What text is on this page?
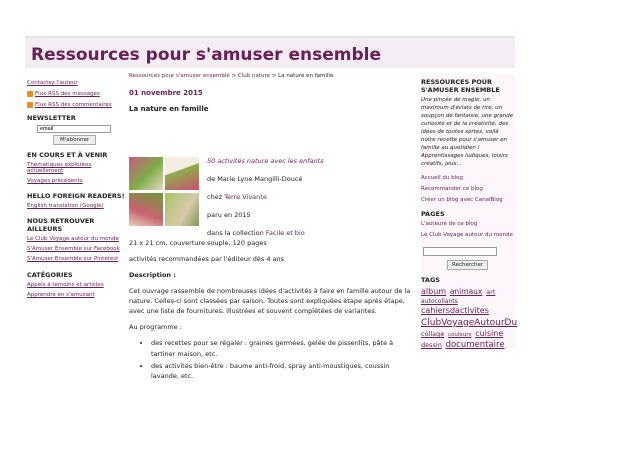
Ressources pour s'amuser ensemble
Contactez l'auteur
Flux RSS des messages
Flux RSS des commentaires
NEWSLETTER
email M'abonner
EN COURS ET À VENIR
Thématiques explorées actuellement
Voyages précédents
HELLO FOREIGN READERS!
English translation (Google)
NOUS RETROUVER AILLEURS
Le Club Voyage autour du monde
S'Amuser Ensemble sur Facebook
S'Amuser Ensemble sur Pinterest
CATÉGORIES
Appels à témoins et articles
Apprendre en s'amusant
Ressources pour s'amuser ensemble > Club nature > La nature en famille
01 novembre 2015
La nature en famille
50 activités nature avec les enfants
de Marie Lyne Mangilli-Doucé
chez Terre Vivante
paru en 2015
dans la collection Facile et bio

21 x 21 cm, couverture souple, 120 pages

activités recommandées par l'éditeur dès 4 ans

Description :

Cet ouvrage rassemble de nombreuses idées d'activités à faire en famille autour de la nature. Celles-ci sont classées par saison. Toutes sont expliquées étape après étape, avec une liste de fournitures, illustrées et souvent complétées de variantes.

Au programme :

• des recettes pour se régaler : graines germées, gelée de pissenlits, pâte à tartiner maison, etc.
• des activités bien-être : baume anti-froid, spray anti-moustiques, coussin lavande, etc.
RESSOURCES POUR S'AMUSER ENSEMBLE
Une pincée de magie, un maximum d'éclats de rire, un soupçon de fantaisie, une grande curiosité et de la créativité, des idées de toutes sortes, voilà notre recette pour s'amuser en famille au quotidien ! Apprentissages ludiques, loisirs créatifs, jeux...
Accueil du blog
Recommander ce blog
Créer un blog avec CanalBlog
PAGES
L'auteure de ce blog
Le Club Voyage autour du monde
Rechercher
TAGS
album animaux art autocollants cahiersdactivites ClubVoyageAutourDu collage couleurs cuisine dessin documentaire
